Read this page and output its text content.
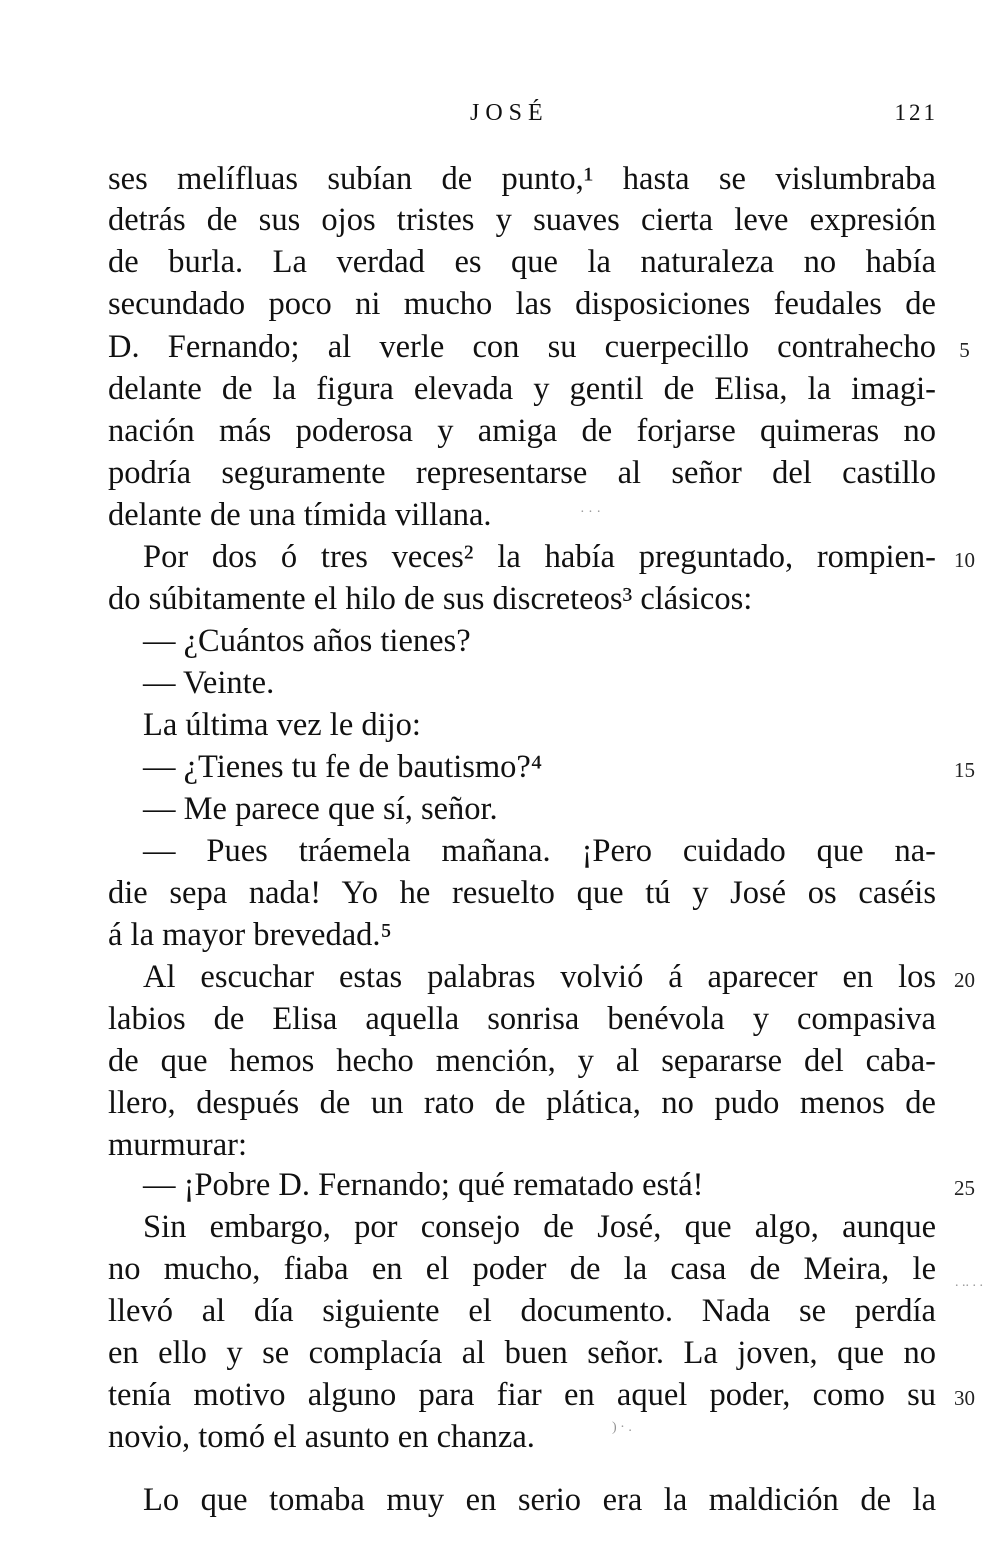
JOSÉ	121
ses melífluas subían de punto,¹ hasta se vislumbraba
detrás de sus ojos tristes y suaves cierta leve expresión
de burla. La verdad es que la naturaleza no había
secundado poco ni mucho las disposiciones feudales de
D. Fernando; al verle con su cuerpecillo contrahecho
delante de la figura elevada y gentil de Elisa, la imagi-
nación más poderosa y amiga de forjarse quimeras no
podría seguramente representarse al señor del castillo
delante de una tímida villana.
Por dos ó tres veces² la había preguntado, rompien-
do súbitamente el hilo de sus discreteos³ clásicos:
— ¿Cuántos años tienes?
— Veinte.
La última vez le dijo:
— ¿Tienes tu fe de bautismo?⁴
— Me parece que sí, señor.
— Pues tráemela mañana. ¡Pero cuidado que na-
die sepa nada! Yo he resuelto que tú y José os caséis
á la mayor brevedad.⁵
Al escuchar estas palabras volvió á aparecer en los
labios de Elisa aquella sonrisa benévola y compasiva
de que hemos hecho mención, y al separarse del caba-
llero, después de un rato de plática, no pudo menos de
murmurar:
— ¡Pobre D. Fernando; qué rematado está!
Sin embargo, por consejo de José, que algo, aunque
no mucho, fiaba en el poder de la casa de Meira, le
llevó al día siguiente el documento. Nada se perdía
en ello y se complacía al buen señor. La joven, que no
tenía motivo alguno para fiar en aquel poder, como su
novio, tomó el asunto en chanza.
Lo que tomaba muy en serio era la maldición de la
5
10
15
20
25
30
· · ·
. .. . .
) · .
